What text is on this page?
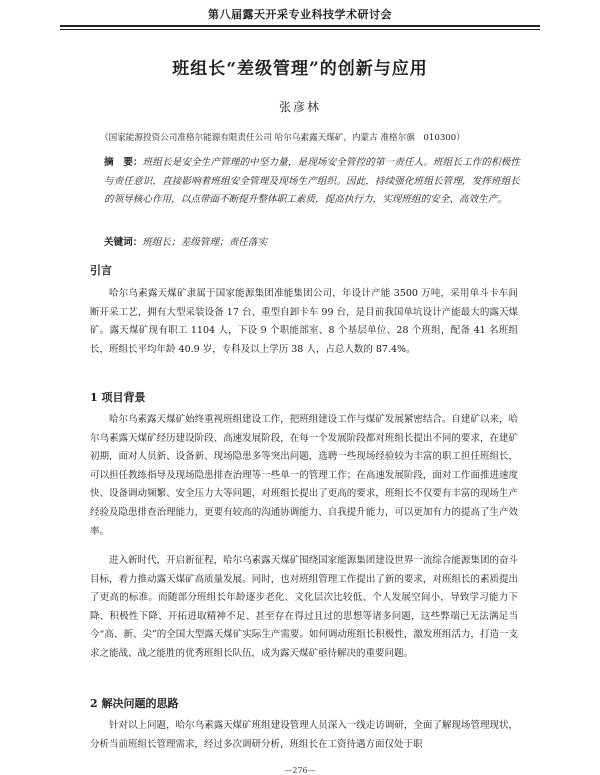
第八届露天开采专业科技学术研讨会
班组长“差级管理”的创新与应用
张彦林
（国家能源投资公司准格尔能源有限责任公司 哈尔乌素露天煤矿，内蒙古 准格尔旗　010300）
摘　要：班组长是安全生产管理的中坚力量，是现场安全管控的第一责任人。班组长工作的积极性与责任意识，直接影响着班组安全管理及现场生产组织。因此，持续强化班组长管理，发挥班组长的领导核心作用，以点带面不断提升整体职工素质，提高执行力，实现班组的安全、高效生产。
关键词：班组长；差级管理；责任落实
引言
哈尔乌素露天煤矿隶属于国家能源集团准能集团公司，年设计产能 3500 万吨，采用单斗卡车间断开采工艺，拥有大型采装设备 17 台、重型自卸卡车 99 台，是目前我国单坑设计产能最大的露天煤矿。露天煤矿现有职工 1104 人，下设 9 个职能部室、8 个基层单位、28 个班组，配备 41 名班组长，班组长平均年龄 40.9 岁，专科及以上学历 38 人，占总人数的 87.4%。
1 项目背景
哈尔乌素露天煤矿始终重视班组建设工作，把班组建设工作与煤矿发展紧密结合。自建矿以来，哈尔乌素露天煤矿经历建设阶段、高速发展阶段，在每一个发展阶段都对班组长提出不同的要求，在建矿初期，面对人员新、设备新、现场隐患多等突出问题，选聘一些现场经验较为丰富的职工担任班组长，可以担任教练指导及现场隐患排查治理等一些单一的管理工作；在高速发展阶段，面对工作面推进速度快、设备调动频繁、安全压力大等问题，对班组长提出了更高的要求，班组长不仅要有丰富的现场生产经验及隐患排查治理能力，更要有较高的沟通协调能力、自我提升能力，可以更加有力的提高了生产效率。
进入新时代，开启新征程，哈尔乌素露天煤矿围绕国家能源集团建设世界一流综合能源集团的奋斗目标，着力推动露天煤矿高质量发展。同时，也对班组管理工作提出了新的要求，对班组长的素质提出了更高的标准。而随部分班组长年龄逐步老化、文化层次比较低、个人发展空间小，导致学习能力下降、积极性下降、开拓进取精神不足、甚至存在得过且过的思想等诸多问题，这些弊端已无法满足当今“高、新、尖”的全国大型露天煤矿实际生产需要。如何调动班组长积极性，激发班组活力，打造一支求之能战、战之能胜的优秀班组长队伍，成为露天煤矿亟待解决的重要问题。
2 解决问题的思路
针对以上问题，哈尔乌素露天煤矿班组建设管理人员深入一线走访调研，全面了解现场管理现状，分析当前班组长管理需求，经过多次调研分析，班组长在工资待遇方面仅处于职
—276—
